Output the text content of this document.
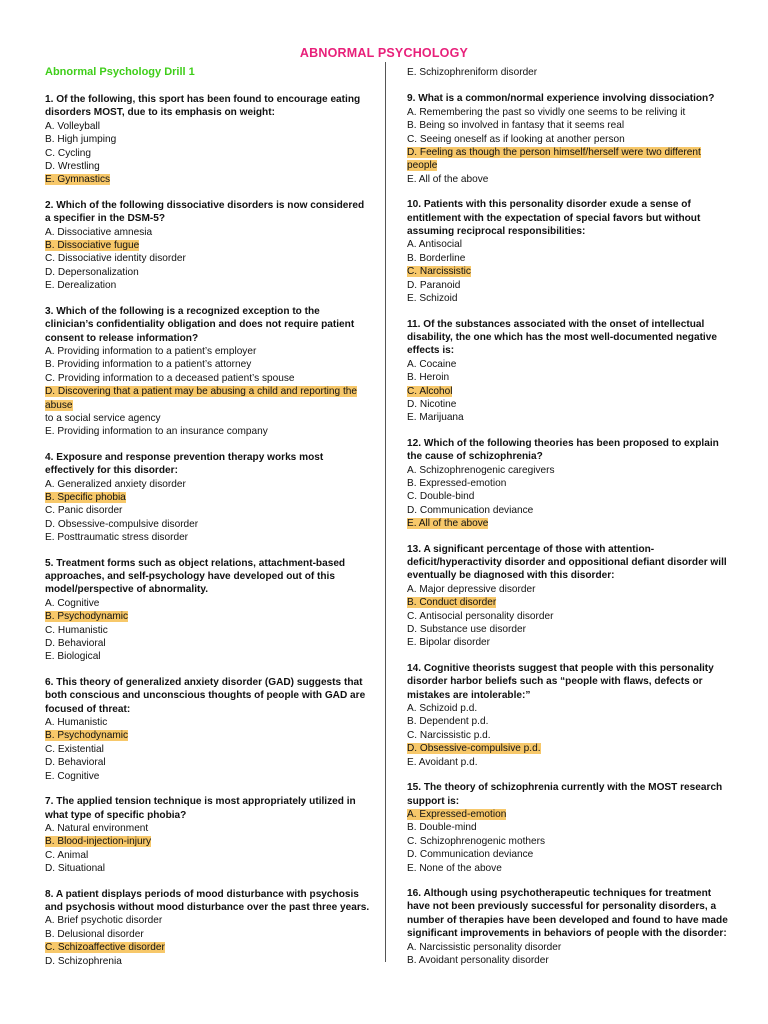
ABNORMAL PSYCHOLOGY
Abnormal Psychology Drill 1
1. Of the following, this sport has been found to encourage eating disorders MOST, due to its emphasis on weight:
A. Volleyball
B. High jumping
C. Cycling
D. Wrestling
E. Gymnastics
2. Which of the following dissociative disorders is now considered a specifier in the DSM-5?
A. Dissociative amnesia
B. Dissociative fugue
C. Dissociative identity disorder
D. Depersonalization
E. Derealization
3. Which of the following is a recognized exception to the clinician’s confidentiality obligation and does not require patient consent to release information?
A. Providing information to a patient’s employer
B. Providing information to a patient’s attorney
C. Providing information to a deceased patient’s spouse
D. Discovering that a patient may be abusing a child and reporting the abuse
to a social service agency
E. Providing information to an insurance company
4. Exposure and response prevention therapy works most effectively for this disorder:
A. Generalized anxiety disorder
B. Specific phobia
C. Panic disorder
D. Obsessive-compulsive disorder
E. Posttraumatic stress disorder
5. Treatment forms such as object relations, attachment-based approaches, and self-psychology have developed out of this model/perspective of abnormality.
A. Cognitive
B. Psychodynamic
C. Humanistic
D. Behavioral
E. Biological
6. This theory of generalized anxiety disorder (GAD) suggests that both conscious and unconscious thoughts of people with GAD are focused of threat:
A. Humanistic
B. Psychodynamic
C. Existential
D. Behavioral
E. Cognitive
7. The applied tension technique is most appropriately utilized in what type of specific phobia?
A. Natural environment
B. Blood-injection-injury
C. Animal
D. Situational
8. A patient displays periods of mood disturbance with psychosis and psychosis without mood disturbance over the past three years.
A. Brief psychotic disorder
B. Delusional disorder
C. Schizoaffective disorder
D. Schizophrenia
E. Schizophreniform disorder
9. What is a common/normal experience involving dissociation?
A. Remembering the past so vividly one seems to be reliving it
B. Being so involved in fantasy that it seems real
C. Seeing oneself as if looking at another person
D. Feeling as though the person himself/herself were two different people
E. All of the above
10. Patients with this personality disorder exude a sense of entitlement with the expectation of special favors but without assuming reciprocal responsibilities:
A. Antisocial
B. Borderline
C. Narcissistic
D. Paranoid
E. Schizoid
11. Of the substances associated with the onset of intellectual disability, the one which has the most well-documented negative effects is:
A. Cocaine
B. Heroin
C. Alcohol
D. Nicotine
E. Marijuana
12. Which of the following theories has been proposed to explain the cause of schizophrenia?
A. Schizophrenogenic caregivers
B. Expressed-emotion
C. Double-bind
D. Communication deviance
E. All of the above
13. A significant percentage of those with attention-deficit/hyperactivity disorder and oppositional defiant disorder will eventually be diagnosed with this disorder:
A. Major depressive disorder
B. Conduct disorder
C. Antisocial personality disorder
D. Substance use disorder
E. Bipolar disorder
14. Cognitive theorists suggest that people with this personality disorder harbor beliefs such as “people with flaws, defects or mistakes are intolerable:”
A. Schizoid p.d.
B. Dependent p.d.
C. Narcissistic p.d.
D. Obsessive-compulsive p.d.
E. Avoidant p.d.
15. The theory of schizophrenia currently with the MOST research support is:
A. Expressed-emotion
B. Double-mind
C. Schizophrenogenic mothers
D. Communication deviance
E. None of the above
16. Although using psychotherapeutic techniques for treatment have not been previously successful for personality disorders, a number of therapies have been developed and found to have made significant improvements in behaviors of people with the disorder:
A. Narcissistic personality disorder
B. Avoidant personality disorder
